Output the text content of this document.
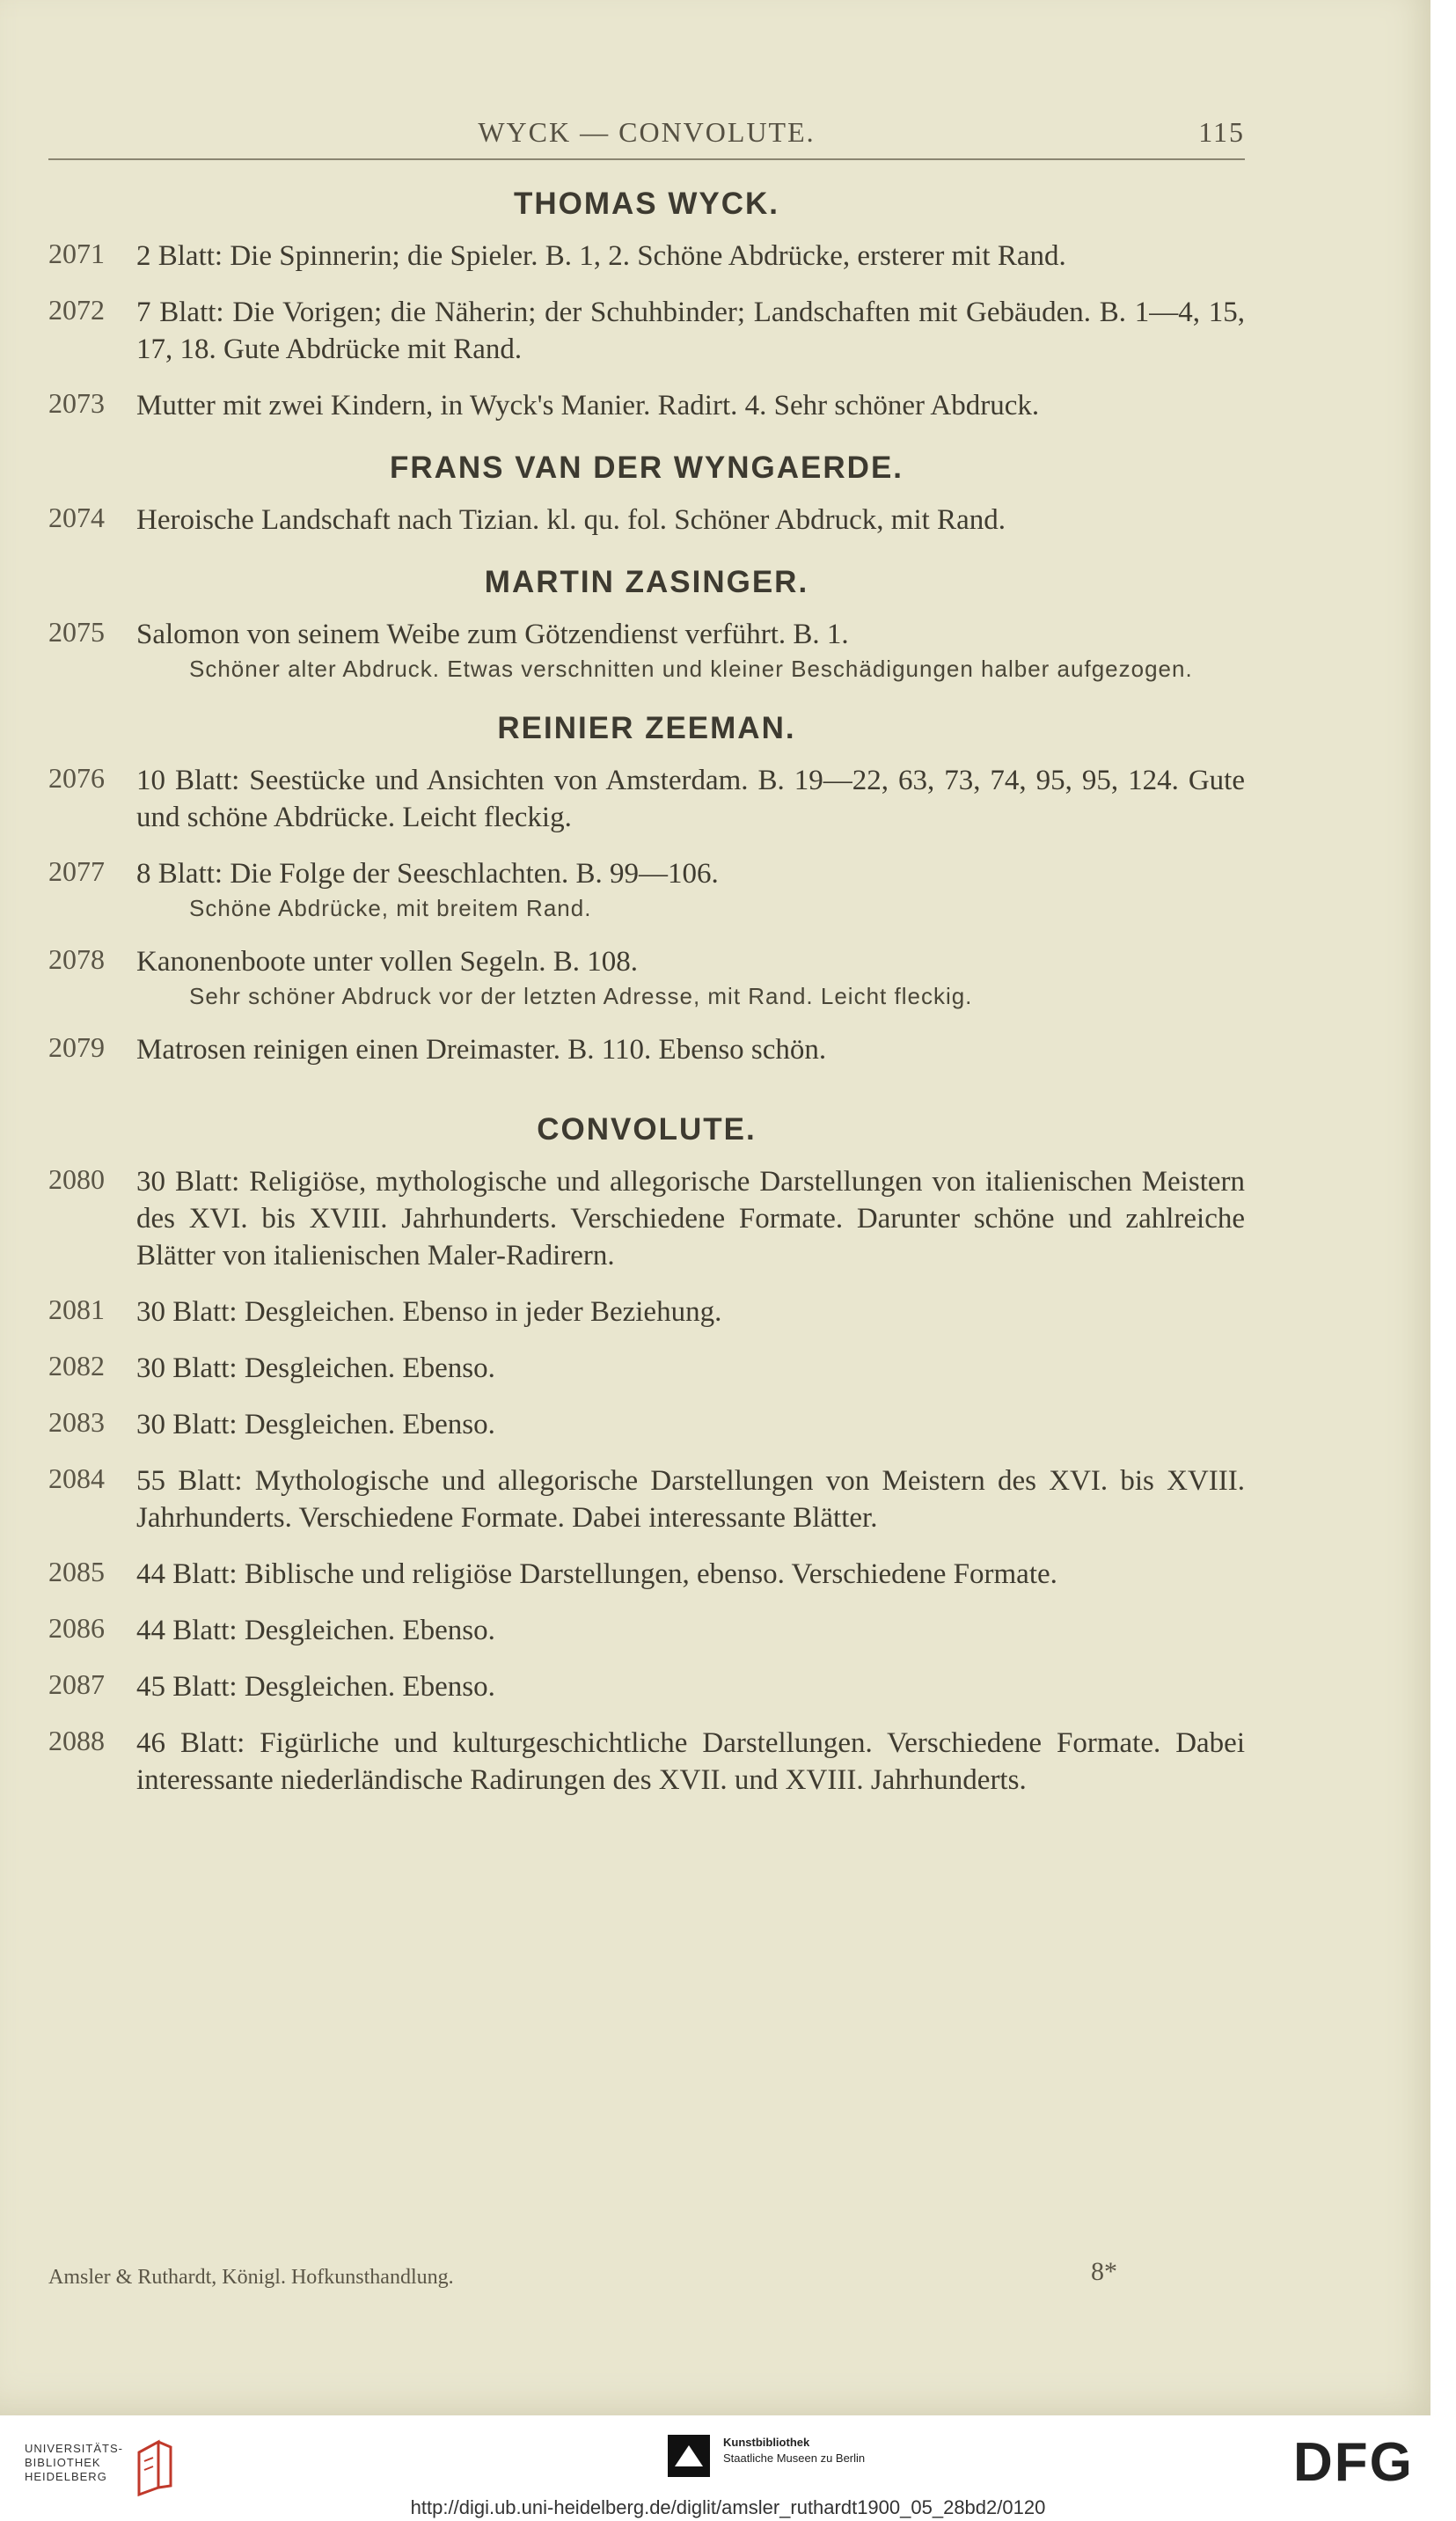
WYCK — CONVOLUTE.	115
THOMAS WYCK.
2071	2 Blatt: Die Spinnerin; die Spieler. B. 1, 2. Schöne Abdrücke, ersterer mit Rand.
2072	7 Blatt: Die Vorigen; die Näherin; der Schuhbinder; Landschaften mit Gebäuden. B. 1—4, 15, 17, 18. Gute Abdrücke mit Rand.
2073	Mutter mit zwei Kindern, in Wyck's Manier. Radirt. 4. Sehr schöner Abdruck.
FRANS VAN DER WYNGAERDE.
2074	Heroische Landschaft nach Tizian. kl. qu. fol. Schöner Abdruck, mit Rand.
MARTIN ZASINGER.
2075	Salomon von seinem Weibe zum Götzendienst verführt. B. 1.
Schöner alter Abdruck. Etwas verschnitten und kleiner Beschädigungen halber aufgezogen.
REINIER ZEEMAN.
2076	10 Blatt: Seestücke und Ansichten von Amsterdam. B. 19—22, 63, 73, 74, 95, 95, 124. Gute und schöne Abdrücke. Leicht fleckig.
2077	8 Blatt: Die Folge der Seeschlachten. B. 99—106.
Schöne Abdrücke, mit breitem Rand.
2078	Kanonenboote unter vollen Segeln. B. 108.
Sehr schöner Abdruck vor der letzten Adresse, mit Rand. Leicht fleckig.
2079	Matrosen reinigen einen Dreimaster. B. 110. Ebenso schön.
CONVOLUTE.
2080	30 Blatt: Religiöse, mythologische und allegorische Darstellungen von italienischen Meistern des XVI. bis XVIII. Jahrhunderts. Verschiedene Formate. Darunter schöne und zahlreiche Blätter von italienischen Maler-Radirern.
2081	30 Blatt: Desgleichen. Ebenso in jeder Beziehung.
2082	30 Blatt: Desgleichen. Ebenso.
2083	30 Blatt: Desgleichen. Ebenso.
2084	55 Blatt: Mythologische und allegorische Darstellungen von Meistern des XVI. bis XVIII. Jahrhunderts. Verschiedene Formate. Dabei interessante Blätter.
2085	44 Blatt: Biblische und religiöse Darstellungen, ebenso. Verschiedene Formate.
2086	44 Blatt: Desgleichen. Ebenso.
2087	45 Blatt: Desgleichen. Ebenso.
2088	46 Blatt: Figürliche und kulturgeschichtliche Darstellungen. Verschiedene Formate. Dabei interessante niederländische Radirungen des XVII. und XVIII. Jahrhunderts.
Amsler & Ruthardt, Königl. Hofkunsthandlung.	8*
UNIVERSITÄTS-
BIBLIOTHEK
HEIDELBERG
Kunstbibliothek
Staatliche Museen zu Berlin	DFG
http://digi.ub.uni-heidelberg.de/diglit/amsler_ruthardt1900_05_28bd2/0120
